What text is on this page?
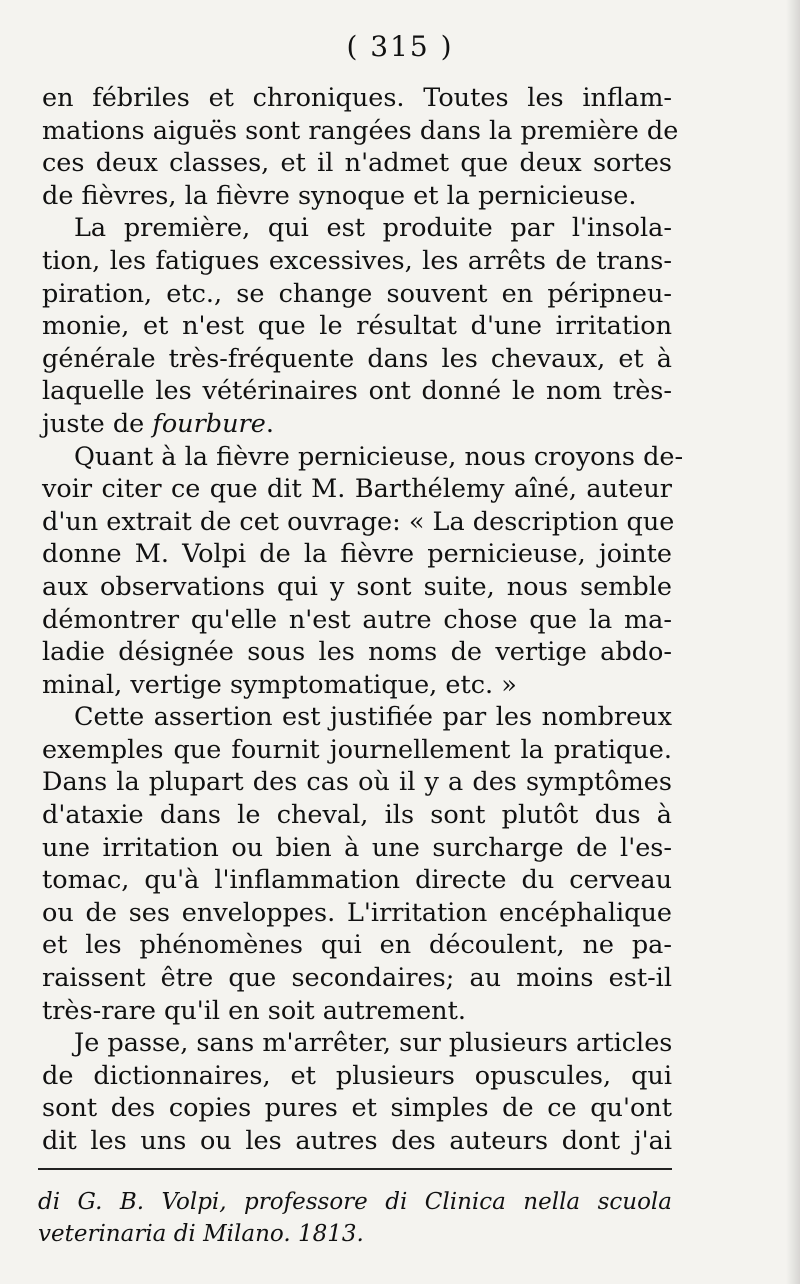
( 315 )
en fébriles et chroniques. Toutes les inflam-
mations aiguës sont rangées dans la première de
ces deux classes, et il n'admet que deux sortes
de fièvres, la fièvre synoque et la pernicieuse.
La première, qui est produite par l'insola-
tion, les fatigues excessives, les arrêts de trans-
piration, etc., se change souvent en péripneu-
monie, et n'est que le résultat d'une irritation
générale très-fréquente dans les chevaux, et à
laquelle les vétérinaires ont donné le nom très-
juste de fourbure.
Quant à la fièvre pernicieuse, nous croyons de-
voir citer ce que dit M. Barthélemy aîné, auteur
d'un extrait de cet ouvrage: « La description que
donne M. Volpi de la fièvre pernicieuse, jointe
aux observations qui y sont suite, nous semble
démontrer qu'elle n'est autre chose que la ma-
ladie désignée sous les noms de vertige abdo-
minal, vertige symptomatique, etc. »
Cette assertion est justifiée par les nombreux
exemples que fournit journellement la pratique.
Dans la plupart des cas où il y a des symptômes
d'ataxie dans le cheval, ils sont plutôt dus à
une irritation ou bien à une surcharge de l'es-
tomac, qu'à l'inflammation directe du cerveau
ou de ses enveloppes. L'irritation encéphalique
et les phénomènes qui en découlent, ne pa-
raissent être que secondaires; au moins est-il
très-rare qu'il en soit autrement.
Je passe, sans m'arrêter, sur plusieurs articles
de dictionnaires, et plusieurs opuscules, qui
sont des copies pures et simples de ce qu'ont
dit les uns ou les autres des auteurs dont j'ai
di G. B. Volpi, professore di Clinica nella scuola
veterinaria di Milano. 1813.
